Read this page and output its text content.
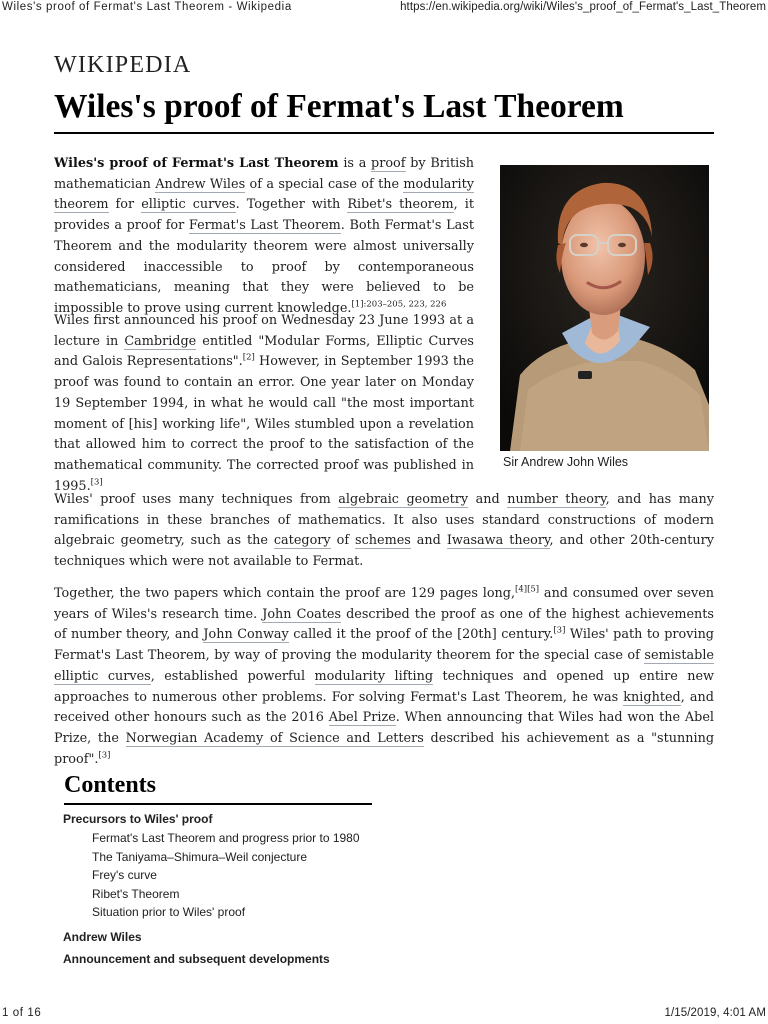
Wiles's proof of Fermat's Last Theorem - Wikipedia	https://en.wikipedia.org/wiki/Wiles's_proof_of_Fermat's_Last_Theorem
WIKIPEDIA
Wiles's proof of Fermat's Last Theorem

Wiles's proof of Fermat's Last Theorem is a proof by British mathematician Andrew Wiles of a special case of the modularity theorem for elliptic curves. Together with Ribet's theorem, it provides a proof for Fermat's Last Theorem. Both Fermat's Last Theorem and the modularity theorem were almost universally considered inaccessible to proof by contemporaneous mathematicians, meaning that they were believed to be impossible to prove using current knowledge.$^{[1]:203-205, 223, 226}$

Wiles first announced his proof on Wednesday 23 June 1993 at a lecture in Cambridge entitled "Modular Forms, Elliptic Curves and Galois Representations".[2] However, in September 1993 the proof was found to contain an error. One year later on Monday 19 September 1994, in what he would call "the most important moment of [his] working life", Wiles stumbled upon a revelation that allowed him to correct the proof to the satisfaction of the mathematical community. The corrected proof was published in 1995.[3]

Sir Andrew John Wiles

Wiles' proof uses many techniques from algebraic geometry and number theory, and has many ramifications in these branches of mathematics. It also uses standard constructions of modern algebraic geometry, such as the category of schemes and Iwasawa theory, and other 20th-century techniques which were not available to Fermat.

Together, the two papers which contain the proof are 129 pages long,[4][5] and consumed over seven years of Wiles's research time. John Coates described the proof as one of the highest achievements of number theory, and John Conway called it the proof of the [20th] century.[3] Wiles' path to proving Fermat's Last Theorem, by way of proving the modularity theorem for the special case of semistable elliptic curves, established powerful modularity lifting techniques and opened up entire new approaches to numerous other problems. For solving Fermat's Last Theorem, he was knighted, and received other honours such as the 2016 Abel Prize. When announcing that Wiles had won the Abel Prize, the Norwegian Academy of Science and Letters described his achievement as a "stunning proof".[3]

Contents
Precursors to Wiles' proof
Fermat's Last Theorem and progress prior to 1980
The Taniyama–Shimura–Weil conjecture
Frey's curve
Ribet's Theorem
Situation prior to Wiles' proof
Andrew Wiles
Announcement and subsequent developments
1 of 16	1/15/2019, 4:01 AM
